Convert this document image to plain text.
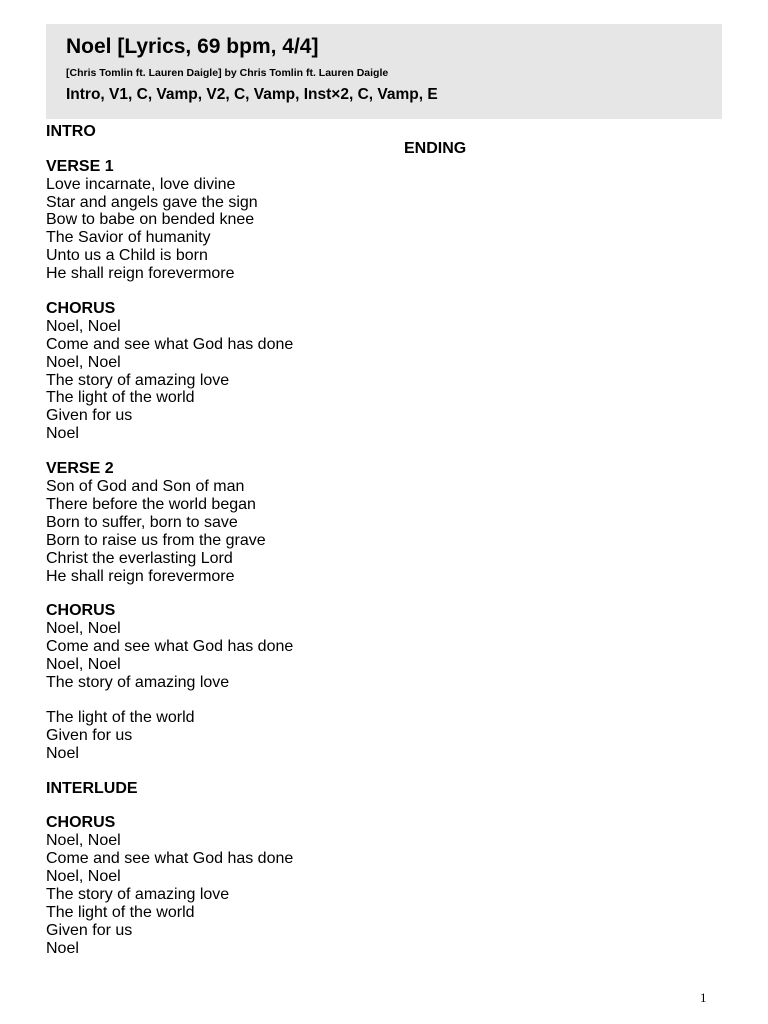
Noel [Lyrics, 69 bpm, 4/4]
[Chris Tomlin ft. Lauren Daigle] by Chris Tomlin ft. Lauren Daigle
Intro, V1, C, Vamp, V2, C, Vamp, Inst×2, C, Vamp, E
INTRO
VERSE 1
Love incarnate, love divine
Star and angels gave the sign
Bow to babe on bended knee
The Savior of humanity
Unto us a Child is born
He shall reign forevermore
CHORUS
Noel, Noel
Come and see what God has done
Noel, Noel
The story of amazing love
The light of the world
Given for us
Noel
VERSE 2
Son of God and Son of man
There before the world began
Born to suffer, born to save
Born to raise us from the grave
Christ the everlasting Lord
He shall reign forevermore
CHORUS
Noel, Noel
Come and see what God has done
Noel, Noel
The story of amazing love
The light of the world
Given for us
Noel
INTERLUDE
CHORUS
Noel, Noel
Come and see what God has done
Noel, Noel
The story of amazing love
The light of the world
Given for us
Noel
ENDING
1
